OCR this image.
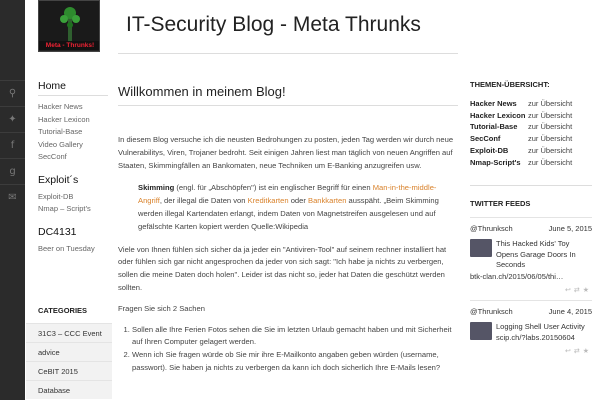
⚲
✦
f
g
✉
Meta - Thrunks!
IT-Security Blog - Meta Thrunks
Home
Hacker News
Hacker Lexicon
Tutorial-Base
Video Gallery
SecConf
Exploit´s
Exploit-DB
Nmap – Script’s
DC4131
Beer on Tuesday
CATEGORIES
31C3 – CCC Event
advice
CeBIT 2015
Database
Willkommen in meinem Blog!
In diesem Blog versuche ich die neusten Bedrohungen zu posten, jeden Tag werden wir durch neue Vulnerabilitys, Viren, Trojaner bedroht. Seit einigen Jahren liest man täglich von neuen Angriffen auf Staaten, Skimmingfällen an Bankomaten, neue Techniken um E-Banking anzugreifen usw.
Skimming (engl. für „Abschöpfen") ist ein englischer Begriff für einen Man-in-the-middle-Angriff, der illegal die Daten von Kreditkarten oder Bankkarten ausspäht. „Beim Skimming werden illegal Kartendaten erlangt, indem Daten von Magnetstreifen ausgelesen und auf gefälschte Karten kopiert werden Quelle:Wikipedia
Viele von Ihnen fühlen sich sicher da ja jeder ein "Antiviren-Tool" auf seinem rechner installiert hat oder fühlen sich gar nicht angesprochen da jeder von sich sagt: "Ich habe ja nichts zu verbergen, sollen die meine Daten doch holen". Leider ist das nicht so, jeder hat Daten die geschützt werden sollten.
Fragen Sie sich 2 Sachen
1. Sollen alle Ihre Ferien Fotos sehen die Sie im letzten Urlaub gemacht haben und mit Sicherheit auf Ihren Computer gelagert werden.
2. Wenn ich Sie fragen würde ob Sie mir ihre E-Mailkonto angaben geben würden (username, passwort). Sie haben ja nichts zu verbergen da kann ich doch sicherlich Ihre E-Mails lesen?
THEMEN-ÜBERSICHT:
Hacker News	zur Übersicht
Hacker Lexicon zur Übersicht
Tutorial-Base	zur Übersicht
SecConf	zur Übersicht
Exploit-DB	zur Übersicht
Nmap-Script's zur Übersicht
TWITTER FEEDS
@Thrunksch	June 5, 2015
This Hacked Kids' Toy Opens Garage Doors In Seconds
btk-clan.ch/2015/06/05/thi…
↩⇄★
@Thrunksch	June 4, 2015
Logging Shell User Activity
scip.ch/?labs.20150604
↩⇄★
